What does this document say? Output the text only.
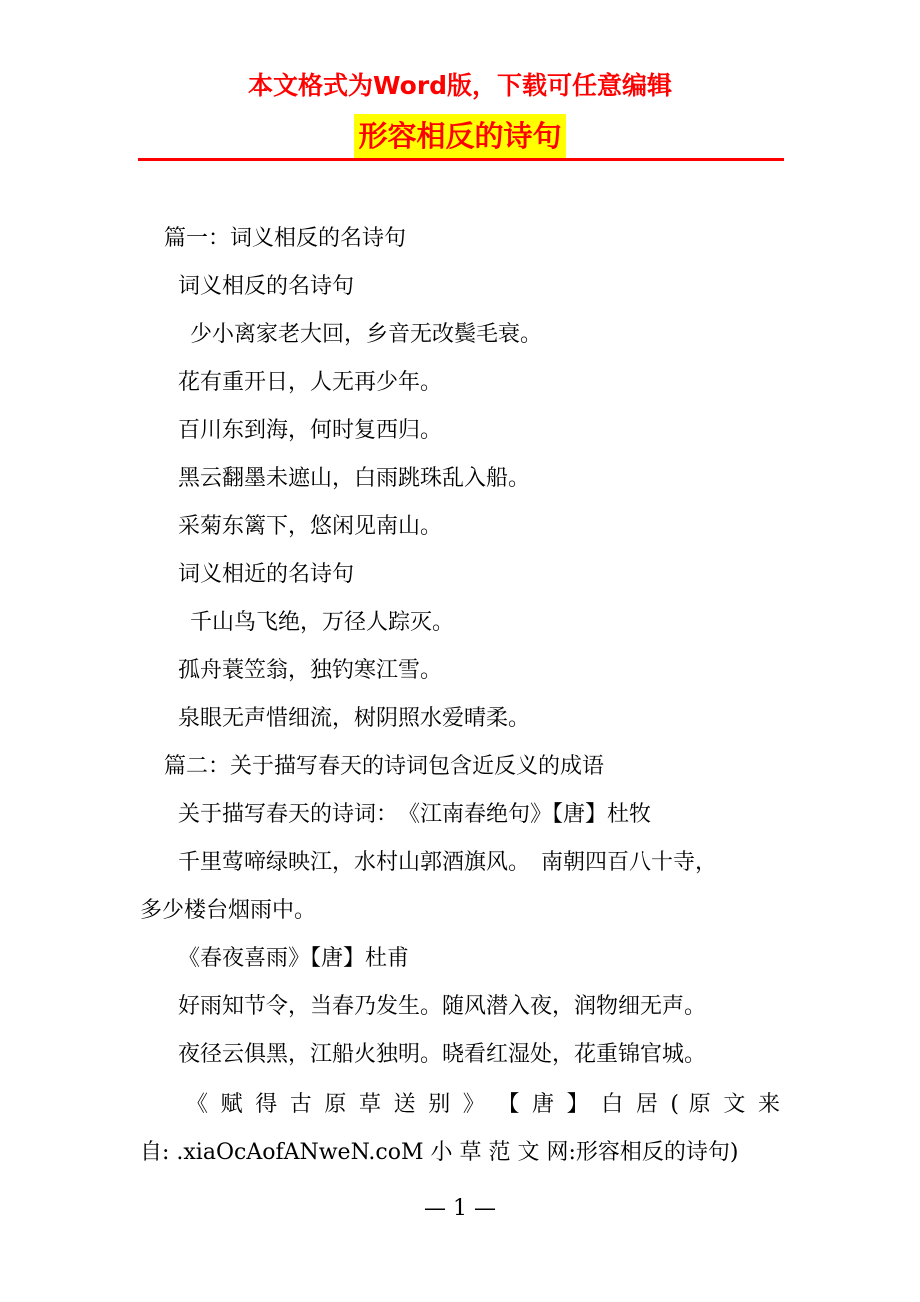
本文格式为Word版，下载可任意编辑
形容相反的诗句
篇一：词义相反的名诗句
词义相反的名诗句
少小离家老大回，乡音无改鬓毛衰。
花有重开日，人无再少年。
百川东到海，何时复西归。
黑云翻墨未遮山，白雨跳珠乱入船。
采菊东篱下，悠闲见南山。
词义相近的名诗句
千山鸟飞绝，万径人踪灭。
孤舟蓑笠翁，独钓寒江雪。
泉眼无声惜细流，树阴照水爱晴柔。
篇二：关于描写春天的诗词包含近反义的成语
关于描写春天的诗词：　《江南春绝句》【唐】杜牧
千里莺啼绿映江，水村山郭酒旗风。　南朝四百八十寺，
多少楼台烟雨中。
《春夜喜雨》【唐】杜甫
好雨知节令，当春乃发生。随风潜入夜，润物细无声。
夜径云俱黑，江船火独明。晓看红湿处，花重锦官城。
《 赋 得 古 原 草 送 别 》 【 唐 】 白 居 ( 原 文 来
自: .xiaOcAofANweN.coM 小 草 范 文 网:形容相反的诗句)
— 1 —
